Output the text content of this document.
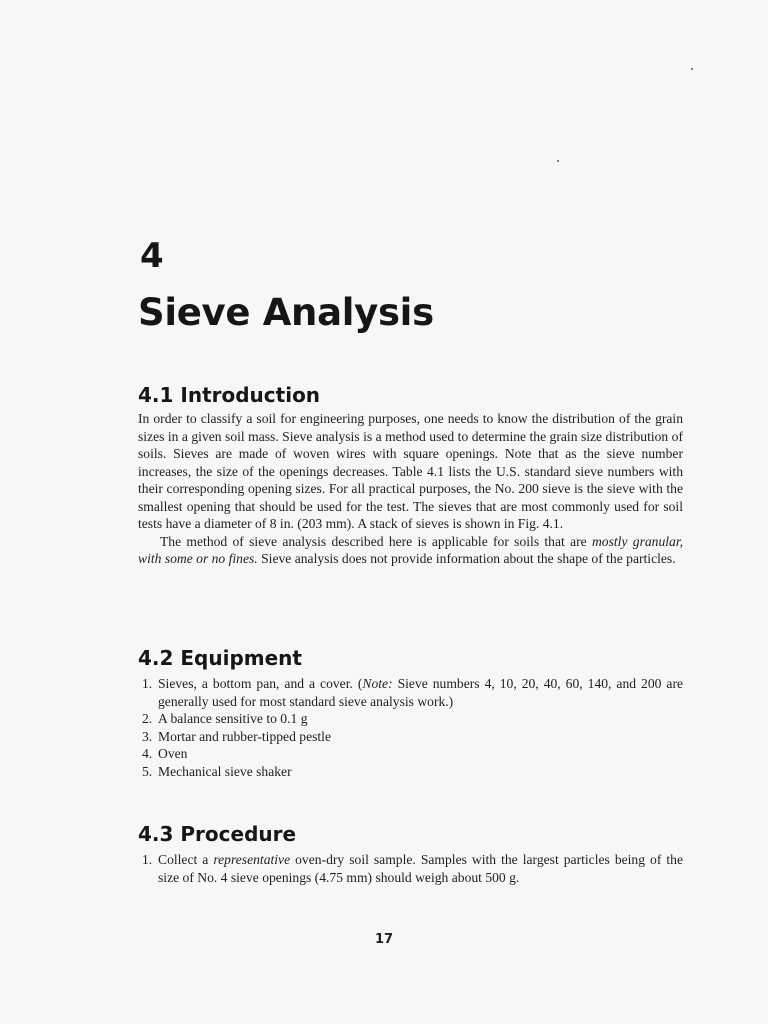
4
Sieve Analysis
4.1 Introduction

In order to classify a soil for engineering purposes, one needs to know the distribution of the grain sizes in a given soil mass. Sieve analysis is a method used to determine the grain size distribution of soils. Sieves are made of woven wires with square openings. Note that as the sieve number increases, the size of the openings decreases. Table 4.1 lists the U.S. standard sieve numbers with their corresponding opening sizes. For all practical purposes, the No. 200 sieve is the sieve with the smallest opening that should be used for the test. The sieves that are most commonly used for soil tests have a diameter of 8 in. (203 mm). A stack of sieves is shown in Fig. 4.1.

The method of sieve analysis described here is applicable for soils that are mostly granular, with some or no fines. Sieve analysis does not provide information about the shape of the particles.

4.2 Equipment
1. Sieves, a bottom pan, and a cover. (Note: Sieve numbers 4, 10, 20, 40, 60, 140, and 200 are generally used for most standard sieve analysis work.)
2. A balance sensitive to 0.1 g
3. Mortar and rubber-tipped pestle
4. Oven
5. Mechanical sieve shaker
4.3 Procedure
1. Collect a representative oven-dry soil sample. Samples with the largest particles being of the size of No. 4 sieve openings (4.75 mm) should weigh about 500 g.
17
